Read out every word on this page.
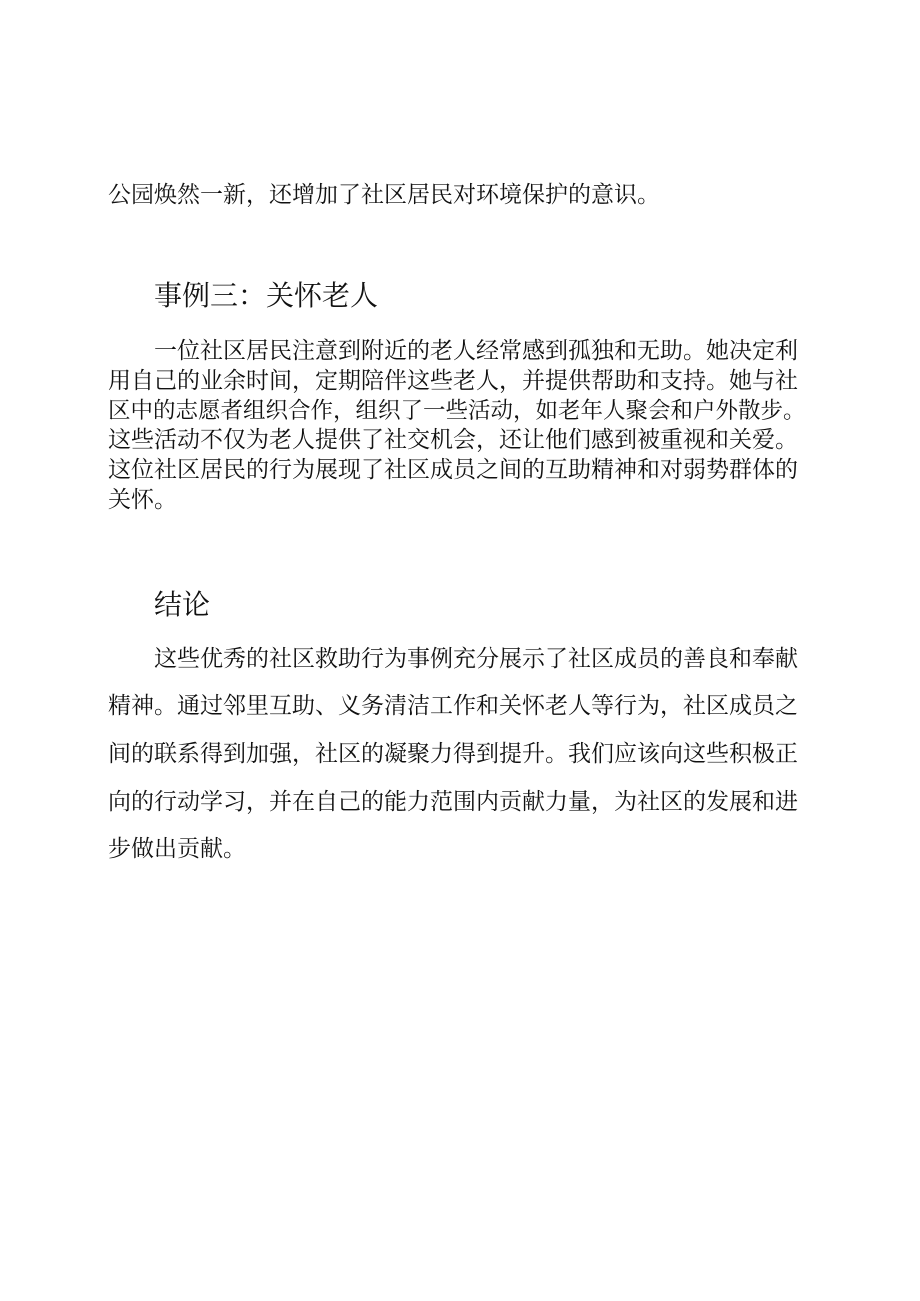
公园焕然一新，还增加了社区居民对环境保护的意识。

事例三：关怀老人

一位社区居民注意到附近的老人经常感到孤独和无助。她决定利

用自己的业余时间，定期陪伴这些老人，并提供帮助和支持。她与社

区中的志愿者组织合作，组织了一些活动，如老年人聚会和户外散步。

这些活动不仅为老人提供了社交机会，还让他们感到被重视和关爱。

这位社区居民的行为展现了社区成员之间的互助精神和对弱势群体的

关怀。

结论

这些优秀的社区救助行为事例充分展示了社区成员的善良和奉献

精神。通过邻里互助、义务清洁工作和关怀老人等行为，社区成员之

间的联系得到加强，社区的凝聚力得到提升。我们应该向这些积极正

向的行动学习，并在自己的能力范围内贡献力量，为社区的发展和进

步做出贡献。
